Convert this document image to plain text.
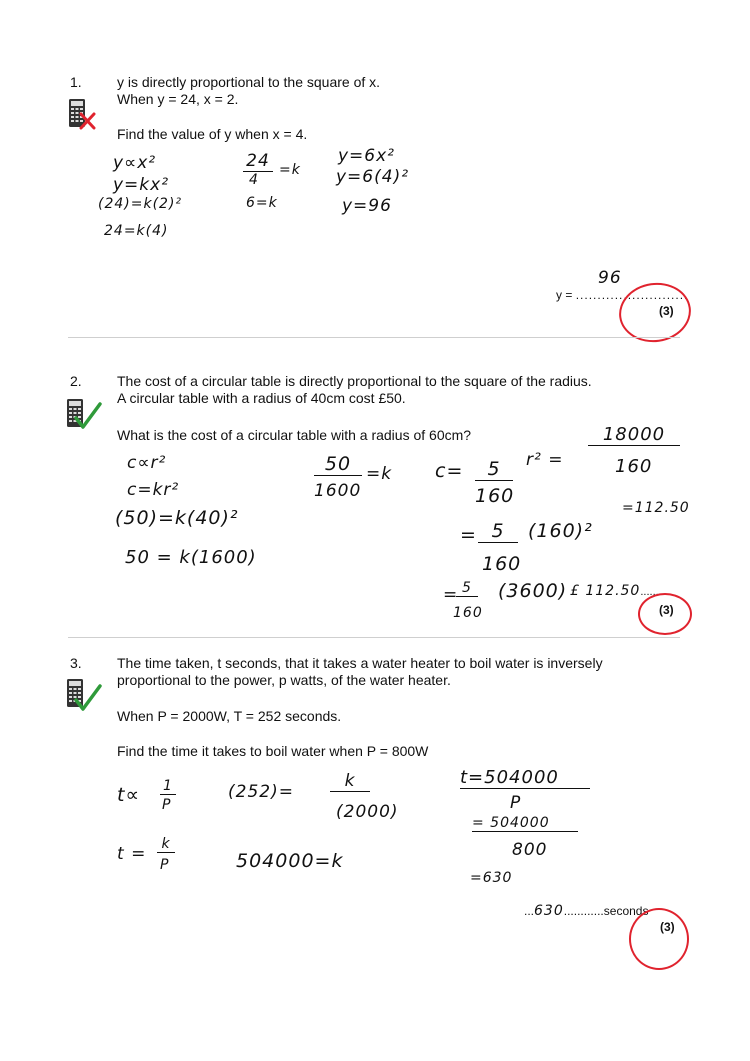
1.	y is directly proportional to the square of x.
When y = 24, x = 2.
Find the value of y when x = 4.
y∝x²
y=kx²
(24)=k(2)²
24=k(4)
24
4
=k
6=k
y=6x²
y=6(4)²
y=96
y = ..........................
96
(3)
2.	The cost of a circular table is directly proportional to the square of the radius.
A circular table with a radius of 40cm cost £50.
What is the cost of a circular table with a radius of 60cm?
c∝r²
c=kr²
(50)=k(40)²
50 = k(1600)
50
1600
=k c=	5
160
r² =
18000
160
= 5
160
(160)²
=112.50
= 5
160
(3600) £ 112.50......
(3)
3.	The time taken, t seconds, that it takes a water heater to boil water is inversely
proportional to the power, p watts, of the water heater.
When P = 2000W, T = 252 seconds.
Find the time it takes to boil water when P = 800W
t∝ 1
P
t =	k
P
(252)=
k
(2000)
504000=k
t=504000
P
= 504000
800
=630
...630............seconds
(3)
